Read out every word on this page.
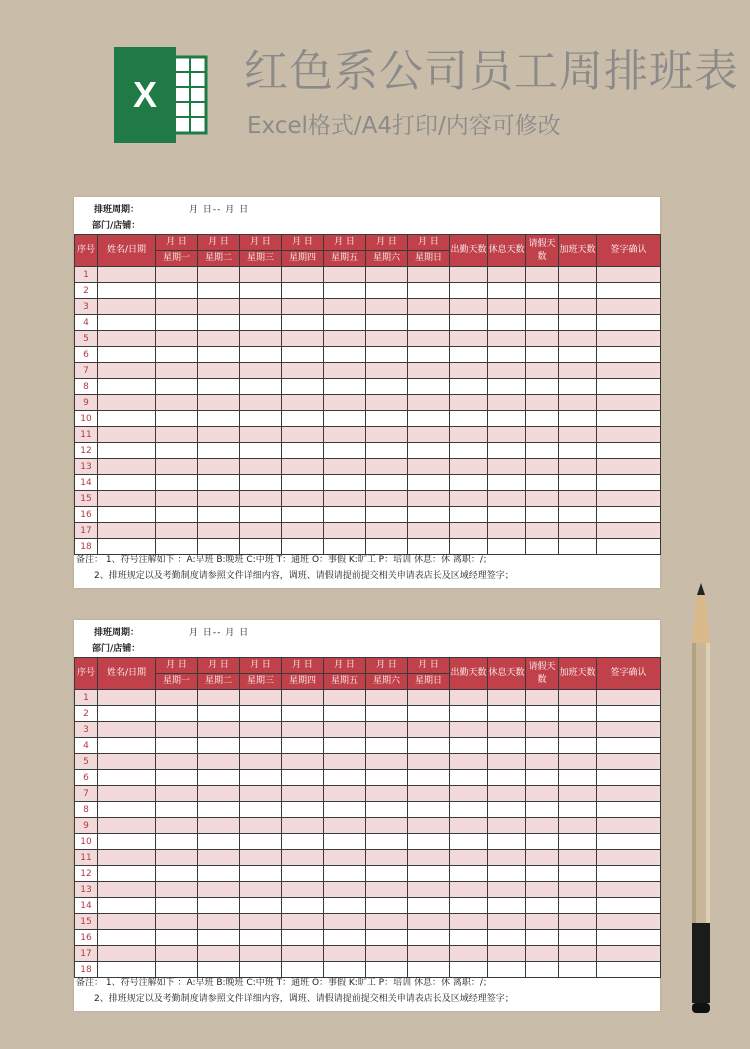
X 红色系公司员工周排班表
Excel格式/A4打印/内容可修改
排班周期：	月 日-- 月 日
部门/店铺：
序号	姓名/日期	月 日	月 日	月 日	月 日	月 日	月 日	月 日	出勤天数	休息天数	请假天数	加班天数	签字确认
		星期一	星期二	星期三	星期四	星期五	星期六	星期日					
1													
2													
3													
4													
5													
6													
7													
8													
9													
10													
11													
12													
13													
14													
15													
16													
17													
18													
备注： 1、符号注解如下 ：A:早班 B:晚班 C:中班 T：通班 O：事假 K:旷工 P：培训 休息：休 离职：/；
2、排班规定以及考勤制度请参照文件详细内容，调班、请假请提前提交相关申请表店长及区域经理签字；
排班周期：	月 日-- 月 日
部门/店铺：
序号	姓名/日期	月 日	月 日	月 日	月 日	月 日	月 日	月 日	出勤天数	休息天数	请假天数	加班天数	签字确认
		星期一	星期二	星期三	星期四	星期五	星期六	星期日					
1													
2													
3													
4													
5													
6													
7													
8													
9													
10													
11													
12													
13													
14													
15													
16													
17													
18													
备注： 1、符号注解如下 ：A:早班 B:晚班 C:中班 T：通班 O：事假 K:旷工 P：培训 休息：休 离职：/；
2、排班规定以及考勤制度请参照文件详细内容，调班、请假请提前提交相关申请表店长及区域经理签字；
